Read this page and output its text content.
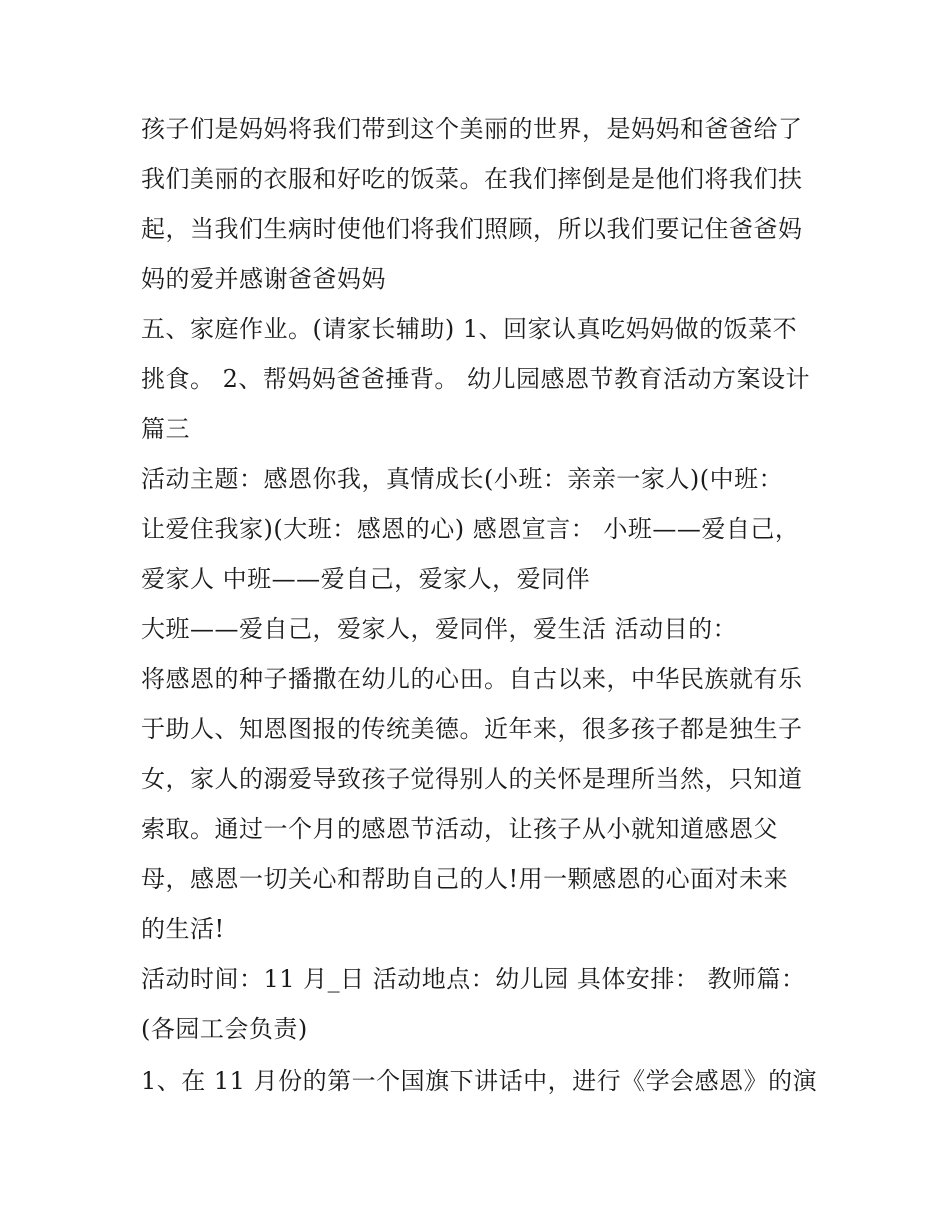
孩子们是妈妈将我们带到这个美丽的世界，是妈妈和爸爸给了
我们美丽的衣服和好吃的饭菜。在我们摔倒是是他们将我们扶
起，当我们生病时使他们将我们照顾，所以我们要记住爸爸妈
妈的爱并感谢爸爸妈妈
五、家庭作业。(请家长辅助) 1、回家认真吃妈妈做的饭菜不
挑食。 2、帮妈妈爸爸捶背。 幼儿园感恩节教育活动方案设计
篇三
活动主题：感恩你我，真情成长(小班：亲亲一家人)(中班：
让爱住我家)(大班：感恩的心) 感恩宣言： 小班——爱自己，
爱家人 中班——爱自己，爱家人，爱同伴
大班——爱自己，爱家人，爱同伴，爱生活 活动目的：
将感恩的种子播撒在幼儿的心田。自古以来，中华民族就有乐
于助人、知恩图报的传统美德。近年来，很多孩子都是独生子
女，家人的溺爱导致孩子觉得别人的关怀是理所当然，只知道
索取。通过一个月的感恩节活动，让孩子从小就知道感恩父
母，感恩一切关心和帮助自己的人!用一颗感恩的心面对未来
的生活!
活动时间：11 月_日 活动地点：幼儿园 具体安排： 教师篇：
(各园工会负责)
1、在 11 月份的第一个国旗下讲话中，进行《学会感恩》的演
